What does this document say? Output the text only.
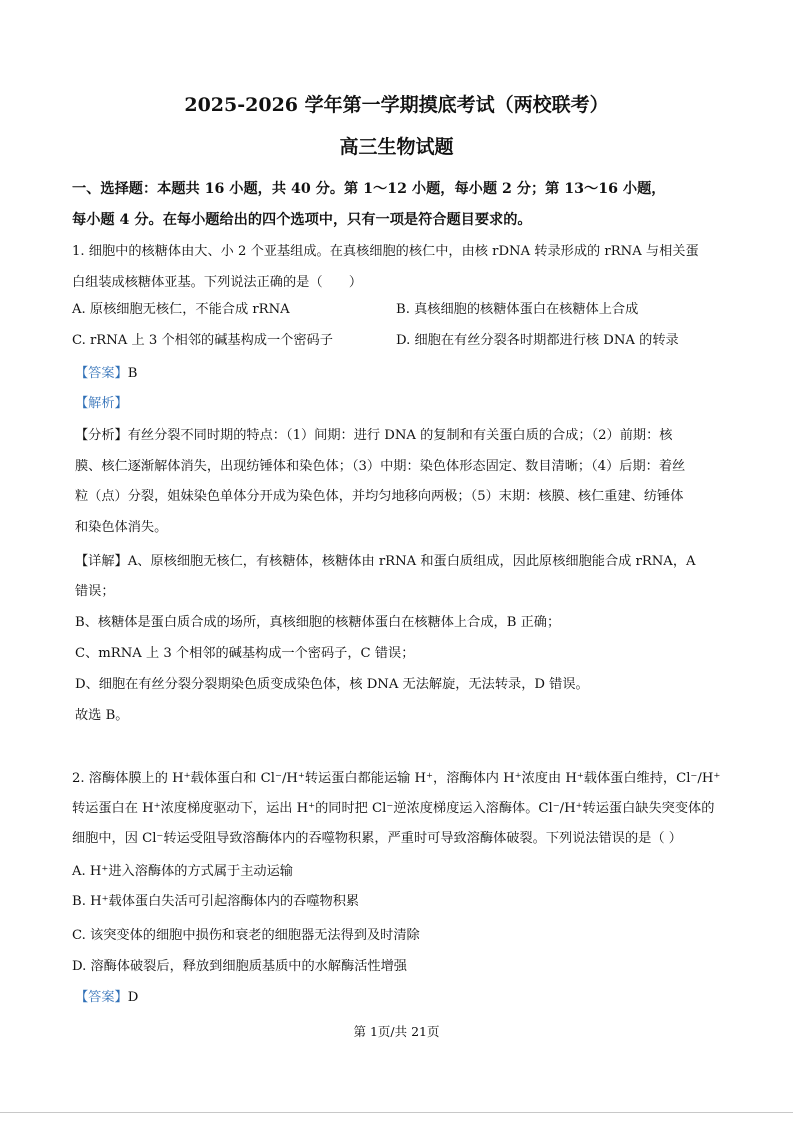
2025-2026 学年第一学期摸底考试（两校联考）
高三生物试题
一、选择题：本题共 16 小题，共 40 分。第 1～12 小题，每小题 2 分；第 13～16 小题，
每小题 4 分。在每小题给出的四个选项中，只有一项是符合题目要求的。
1. 细胞中的核糖体由大、小 2 个亚基组成。在真核细胞的核仁中，由核 rDNA 转录形成的 rRNA 与相关蛋
白组装成核糖体亚基。下列说法正确的是（　　）
A. 原核细胞无核仁，不能合成 rRNA	B. 真核细胞的核糖体蛋白在核糖体上合成
C. rRNA 上 3 个相邻的碱基构成一个密码子	D. 细胞在有丝分裂各时期都进行核 DNA 的转录
【答案】B
【解析】
【分析】有丝分裂不同时期的特点：（1）间期：进行 DNA 的复制和有关蛋白质的合成；（2）前期：核
膜、核仁逐渐解体消失，出现纺锤体和染色体；（3）中期：染色体形态固定、数目清晰；（4）后期：着丝
粒（点）分裂，姐妹染色单体分开成为染色体，并均匀地移向两极；（5）末期：核膜、核仁重建、纺锤体
和染色体消失。
【详解】A、原核细胞无核仁，有核糖体，核糖体由 rRNA 和蛋白质组成，因此原核细胞能合成 rRNA，A
错误；
B、核糖体是蛋白质合成的场所，真核细胞的核糖体蛋白在核糖体上合成，B 正确；
C、mRNA 上 3 个相邻的碱基构成一个密码子，C 错误；
D、细胞在有丝分裂分裂期染色质变成染色体，核 DNA 无法解旋，无法转录，D 错误。
故选 B。
2. 溶酶体膜上的 H⁺载体蛋白和 Cl⁻/H⁺转运蛋白都能运输 H⁺，溶酶体内 H⁺浓度由 H⁺载体蛋白维持，Cl⁻/H⁺
转运蛋白在 H⁺浓度梯度驱动下，运出 H⁺的同时把 Cl⁻逆浓度梯度运入溶酶体。Cl⁻/H⁺转运蛋白缺失突变体的
细胞中，因 Cl⁻转运受阻导致溶酶体内的吞噬物积累，严重时可导致溶酶体破裂。下列说法错误的是（ ）
A. H⁺进入溶酶体的方式属于主动运输
B. H⁺载体蛋白失活可引起溶酶体内的吞噬物积累
C. 该突变体的细胞中损伤和衰老的细胞器无法得到及时清除
D. 溶酶体破裂后，释放到细胞质基质中的水解酶活性增强
【答案】D
第 1页/共 21页
